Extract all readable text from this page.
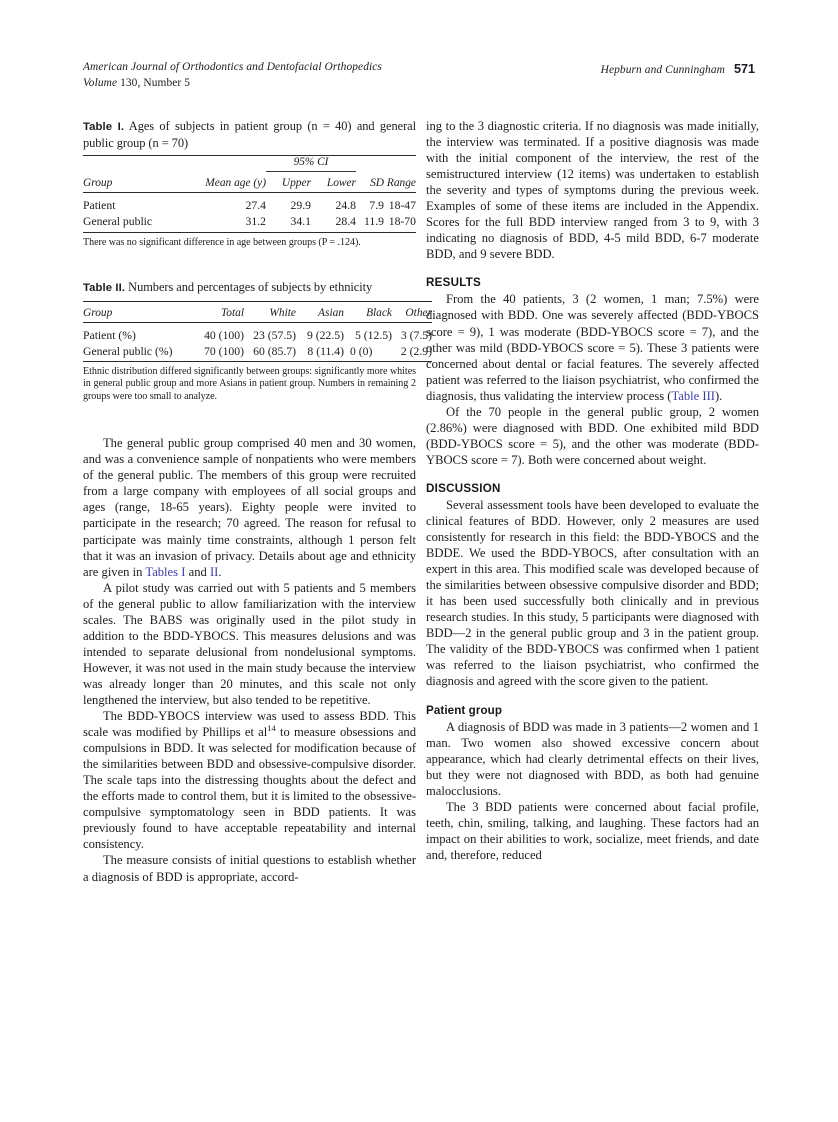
American Journal of Orthodontics and Dentofacial Orthopedics
Volume 130, Number 5
Hepburn and Cunningham 571
Table I. Ages of subjects in patient group (n = 40) and general public group (n = 70)
		95% CI			

Group	Mean age (y)	Upper	Lower	SD	Range
Patient	27.4	29.9	24.8	7.9	18-47
General public	31.2	34.1	28.4	11.9	18-70
There was no significant difference in age between groups (P = .124).
Table II. Numbers and percentages of subjects by ethnicity
Group	Total	White	Asian	Black	Other
Patient (%)	40 (100)	23 (57.5)	9 (22.5)	5 (12.5)	3 (7.5)
General public (%)	70 (100)	60 (85.7)	8 (11.4)	0 (0)	2 (2.9)
Ethnic distribution differed significantly between groups: significantly more whites in general public group and more Asians in patient group. Numbers in remaining 2 groups were too small to analyze.

The general public group comprised 40 men and 30 women, and was a convenience sample of nonpatients who were members of the general public. The members of this group were recruited from a large company with employees of all social groups and ages (range, 18-65 years). Eighty people were invited to participate in the research; 70 agreed. The reason for refusal to participate was mainly time constraints, although 1 person felt that it was an invasion of privacy. Details about age and ethnicity are given in Tables I and II.

A pilot study was carried out with 5 patients and 5 members of the general public to allow familiarization with the interview scales. The BABS was originally used in the pilot study in addition to the BDD-YBOCS. This measures delusions and was intended to separate delusional from nondelusional symptoms. However, it was not used in the main study because the interview was already longer than 20 minutes, and this scale not only lengthened the interview, but also tended to be repetitive.

The BDD-YBOCS interview was used to assess BDD. This scale was modified by Phillips et al$^{14}$ to measure obsessions and compulsions in BDD. It was selected for modification because of the similarities between BDD and obsessive-compulsive disorder. The scale taps into the distressing thoughts about the defect and the efforts made to control them, but it is limited to the obsessive-compulsive symptomatology seen in BDD patients. It was previously found to have acceptable repeatability and internal consistency.

The measure consists of initial questions to establish whether a diagnosis of BDD is appropriate, accord-

ing to the 3 diagnostic criteria. If no diagnosis was made initially, the interview was terminated. If a positive diagnosis was made with the initial component of the interview, the rest of the semistructured interview (12 items) was undertaken to establish the severity and types of symptoms during the previous week. Examples of some of these items are included in the Appendix. Scores for the full BDD interview ranged from 3 to 9, with 3 indicating no diagnosis of BDD, 4-5 mild BDD, 6-7 moderate BDD, and 9 severe BDD.

RESULTS

From the 40 patients, 3 (2 women, 1 man; 7.5%) were diagnosed with BDD. One was severely affected (BDD-YBOCS score = 9), 1 was moderate (BDD-YBOCS score = 7), and the other was mild (BDD-YBOCS score = 5). These 3 patients were concerned about dental or facial features. The severely affected patient was referred to the liaison psychiatrist, who confirmed the diagnosis, thus validating the interview process (Table III).

Of the 70 people in the general public group, 2 women (2.86%) were diagnosed with BDD. One exhibited mild BDD (BDD-YBOCS score = 5), and the other was moderate (BDD-YBOCS score = 7). Both were concerned about weight.

DISCUSSION

Several assessment tools have been developed to evaluate the clinical features of BDD. However, only 2 measures are used consistently for research in this field: the BDD-YBOCS and the BDDE. We used the BDD-YBOCS, after consultation with an expert in this area. This modified scale was developed because of the similarities between obsessive compulsive disorder and BDD; it has been used successfully both clinically and in previous research studies. In this study, 5 participants were diagnosed with BDD—2 in the general public group and 3 in the patient group. The validity of the BDD-YBOCS was confirmed when 1 patient was referred to the liaison psychiatrist, who confirmed the diagnosis and agreed with the score given to the patient.

Patient group

A diagnosis of BDD was made in 3 patients—2 women and 1 man. Two women also showed excessive concern about appearance, which had clearly detrimental effects on their lives, but they were not diagnosed with BDD, as both had genuine malocclusions.

The 3 BDD patients were concerned about facial profile, teeth, chin, smiling, talking, and laughing. These factors had an impact on their abilities to work, socialize, meet friends, and date and, therefore, reduced
